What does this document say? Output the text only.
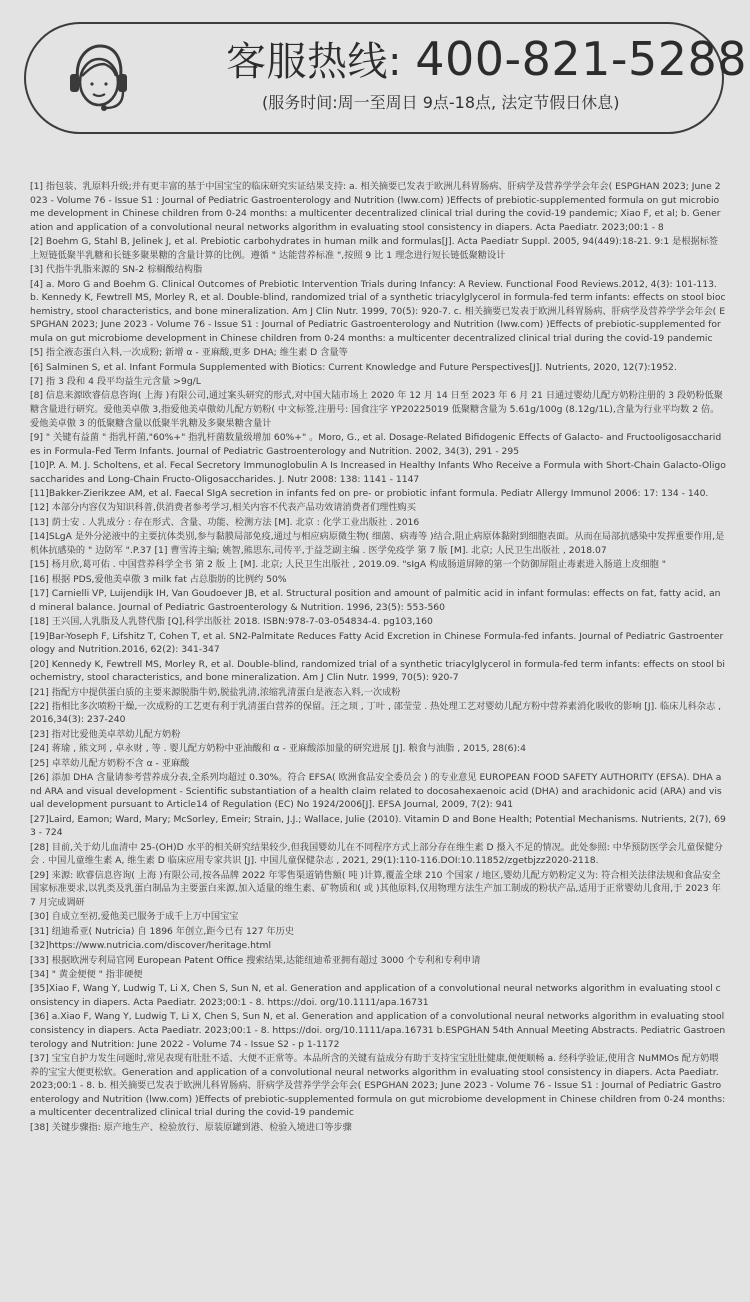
客服热线: 400-821-5288
(服务时间:周一至周日 9点-18点, 法定节假日休息)

[1] 指包装、乳原料升级;并有更丰富的基于中国宝宝的临床研究实证结果支持: a. 相关摘要已发表于欧洲儿科胃肠病、肝病学及营养学学会年会( ESPGHAN 2023; June 2023 - Volume 76 - Issue S1 : Journal of Pediatric Gastroenterology and Nutrition (lww.com) )Effects of prebiotic-supplemented formula on gut microbiome development in Chinese children from 0-24 months: a multicenter decentralized clinical trial during the covid-19 pandemic; Xiao F, et al; b. Generation and application of a convolutional neural networks algorithm in evaluating stool consistency in diapers. Acta Paediatr. 2023;00:1 - 8

[2] Boehm G, Stahl B, Jelinek J, et al. Prebiotic carbohydrates in human milk and formulas[J]. Acta Paediatr Suppl. 2005, 94(449):18-21. 9:1 是根据标签上短链低聚半乳糖和长链多聚果糖的含量计算的比例。遵循 " 达能营养标准 ",按照 9 比 1 理念进行短长链低聚糖设计

[3] 代指牛乳脂来源的 SN-2 棕榈酸结构脂

[4] a. Moro G and Boehm G. Clinical Outcomes of Prebiotic Intervention Trials during Infancy: A Review. Functional Food Reviews.2012, 4(3): 101-113. b. Kennedy K, Fewtrell MS, Morley R, et al. Double-blind, randomized trial of a synthetic triacylglycerol in formula-fed term infants: effects on stool biochemistry, stool characteristics, and bone mineralization. Am J Clin Nutr. 1999, 70(5): 920-7. c. 相关摘要已发表于欧洲儿科胃肠病、肝病学及营养学学会年会( ESPGHAN 2023; June 2023 - Volume 76 - Issue S1 : Journal of Pediatric Gastroenterology and Nutrition (lww.com) )Effects of prebiotic-supplemented formula on gut microbiome development in Chinese children from 0-24 months: a multicenter decentralized clinical trial during the covid-19 pandemic

[5] 指全液态蛋白入料,一次成粉; 新增 α - 亚麻酸,更多 DHA; 维生素 D 含量等

[6] Salminen S, et al. Infant Formula Supplemented with Biotics: Current Knowledge and Future Perspectives[J]. Nutrients, 2020, 12(7):1952.

[7] 指 3 段和 4 段平均益生元含量 >9g/L

[8] 信息来源欧睿信息咨询( 上海 )有限公司,通过案头研究的形式,对中国大陆市场上 2020 年 12 月 14 日至 2023 年 6 月 21 日通过婴幼儿配方奶粉注册的 3 段奶粉低聚糖含量进行研究。爱他美卓傲 3,指爱他美卓傲幼儿配方奶粉( 中文标签,注册号: 国食注字 YP20225019 低聚糖含量为 5.61g/100g (8.12g/1L),含量为行业平均数 2 倍。爱他美卓傲 3 的低聚糖含量以低聚半乳糖及多聚果糖含量计

[9] " 关键有益菌 " 指乳杆菌,"60%+" 指乳杆菌数量级增加 60%+" 。Moro, G., et al. Dosage-Related Bifidogenic Effects of Galacto- and Fructooligosaccharides in Formula-Fed Term Infants. Journal of Pediatric Gastroenterology and Nutrition. 2002, 34(3), 291 - 295

[10]P. A. M. J. Scholtens, et al. Fecal Secretory Immunoglobulin A Is Increased in Healthy Infants Who Receive a Formula with Short-Chain Galacto-Oligosaccharides and Long-Chain Fructo-Oligosaccharides. J. Nutr 2008: 138: 1141 - 1147

[11]Bakker-Zierikzee AM, et al. Faecal SIgA secretion in infants fed on pre- or probiotic infant formula. Pediatr Allergy Immunol 2006: 17: 134 - 140.

[12] 本部分内容仅为知识科普,供消费者参考学习,相关内容不代表产品功效请消费者们理性购买

[13] 荫士安 . 人乳成分 : 存在形式、含量、功能、检测方法 [M]. 北京 : 化学工业出版社 . 2016

[14]SLgA 是外分泌液中的主要抗体类别,参与黏膜局部免疫,通过与相应病原微生物( 细菌、病毒等 )结合,阻止病原体黏附到细胞表面。从而在局部抗感染中发挥重要作用,是机体抗感染的 " 边防军 ".P.37 [1] 曹雪涛主编; 姚智,熊思东,司传平,于益芝副主编 . 医学免疫学 第 7 版 [M]. 北京; 人民卫生出版社 , 2018.07

[15] 杨月欣,葛可佑 . 中国营养科学全书 第 2 版 上 [M]. 北京; 人民卫生出版社 , 2019.09. "sIgA 构成肠道屏障的第一个防御屏阻止毒素进入肠道上皮细胞 "

[16] 根据 PDS,爱他美卓傲 3 milk fat 占总脂肪的比例约 50%

[17] Carnielli VP, Luijendijk IH, Van Goudoever JB, et al. Structural position and amount of palmitic acid in infant formulas: effects on fat, fatty acid, and mineral balance. Journal of Pediatric Gastroenterology & Nutrition. 1996, 23(5): 553-560

[18] 王兴国,人乳脂及人乳替代脂 [Q],科学出版社 2018. ISBN:978-7-03-054834-4. pg103,160

[19]Bar-Yoseph F, Lifshitz T, Cohen T, et al. SN2-Palmitate Reduces Fatty Acid Excretion in Chinese Formula-fed infants. Journal of Pediatric Gastroenterology and Nutrition.2016, 62(2): 341-347

[20] Kennedy K, Fewtrell MS, Morley R, et al. Double-blind, randomized trial of a synthetic triacylglycerol in formula-fed term infants: effects on stool biochemistry, stool characteristics, and bone mineralization. Am J Clin Nutr. 1999, 70(5): 920-7

[21] 指配方中提供蛋白质的主要来源脱脂牛奶,脱盐乳清,浓缩乳清蛋白是液态入料,一次成粉

[22] 指相比多次喷粉干燥,一次成粉的工艺更有利于乳清蛋白营养的保留。汪之顼 , 丁叶 , 邵莹莹 . 热处理工艺对婴幼儿配方粉中营养素消化吸收的影响 [J]. 临床儿科杂志 ,2016,34(3): 237-240

[23] 指对比爱他美卓萃幼儿配方奶粉

[24] 蒋瑜 , 熊文珂 , 卓永财 , 等 . 婴儿配方奶粉中亚油酸和 α - 亚麻酸添加量的研究进展 [J]. 粮食与油脂 , 2015, 28(6):4

[25] 卓萃幼儿配方奶粉不含 α - 亚麻酸

[26] 添加 DHA 含量请参考营养成分表,全系列均超过 0.30%。符合 EFSA( 欧洲食品安全委员会 ) 的专业意见 EUROPEAN FOOD SAFETY AUTHORITY (EFSA). DHA and ARA and visual development - Scientific substantiation of a health claim related to docosahexaenoic acid (DHA) and arachidonic acid (ARA) and visual development pursuant to Article14 of Regulation (EC) No 1924/2006[J]. EFSA Journal, 2009, 7(2): 941

[27]Laird, Eamon; Ward, Mary; McSorley, Emeir; Strain, J.J.; Wallace, Julie (2010). Vitamin D and Bone Health; Potential Mechanisms. Nutrients, 2(7), 693 - 724

[28] 目前,关于幼儿血清中 25-(OH)D 水平的相关研究结果较少,但我国婴幼儿在不同程序方式上部分存在维生素 D 摄入不足的情况。此处参照: 中华预防医学会儿童保健分会 . 中国儿童维生素 A, 维生素 D 临床应用专家共识 [J]. 中国儿童保健杂志 , 2021, 29(1):110-116.DOI:10.11852/zgetbjzz2020-2118.

[29] 来源: 欧睿信息咨询( 上海 )有限公司,按各品牌 2022 年零售渠道销售额( 吨 )计算,覆盖全球 210 个国家 / 地区,婴幼儿配方奶粉定义为: 符合相关法律法规和食品安全国家标准要求,以乳类及乳蛋白制品为主要蛋白来源,加入适量的维生素、矿物质和( 或 )其他原料,仅用物理方法生产加工制成的粉状产品,适用于正常婴幼儿食用,于 2023 年 7 月完成调研

[30] 自成立至初,爱他美已服务于成千上万中国宝宝

[31] 纽迪希亚( Nutricia) 自 1896 年创立,距今已有 127 年历史

[32]https://www.nutricia.com/discover/heritage.html

[33] 根据欧洲专利局官网 European Patent Office 搜索结果,达能纽迪希亚拥有超过 3000 个专利和专利申请

[34] " 黄金便便 " 指非硬便

[35]Xiao F, Wang Y, Ludwig T, Li X, Chen S, Sun N, et al. Generation and application of a convolutional neural networks algorithm in evaluating stool consistency in diapers. Acta Paediatr. 2023;00:1 - 8. https://doi. org/10.1111/apa.16731

[36] a.Xiao F, Wang Y, Ludwig T, Li X, Chen S, Sun N, et al. Generation and application of a convolutional neural networks algorithm in evaluating stool consistency in diapers. Acta Paediatr. 2023;00:1 - 8. https://doi. org/10.1111/apa.16731 b.ESPGHAN 54th Annual Meeting Abstracts. Pediatric Gastroenterology and Nutrition: June 2022 - Volume 74 - Issue S2 - p 1-1172

[37] 宝宝自护力发生问题时,常见表现有肚肚不适、大便不正常等。本品所含的关键有益成分有助于支持宝宝肚肚健康,便便顺畅 a. 经科学验证,使用含 NuMMOs 配方奶喂养的宝宝大便更松软。Generation and application of a convolutional neural networks algorithm in evaluating stool consistency in diapers. Acta Paediatr. 2023;00:1 - 8. b. 相关摘要已发表于欧洲儿科胃肠病、肝病学及营养学学会年会( ESPGHAN 2023; June 2023 - Volume 76 - Issue S1 : Journal of Pediatric Gastroenterology and Nutrition (lww.com) )Effects of prebiotic-supplemented formula on gut microbiome development in Chinese children from 0-24 months: a multicenter decentralized clinical trial during the covid-19 pandemic

[38] 关键步骤指: 原产地生产、检验放行、原装原罐到港、检验入境进口等步骤
